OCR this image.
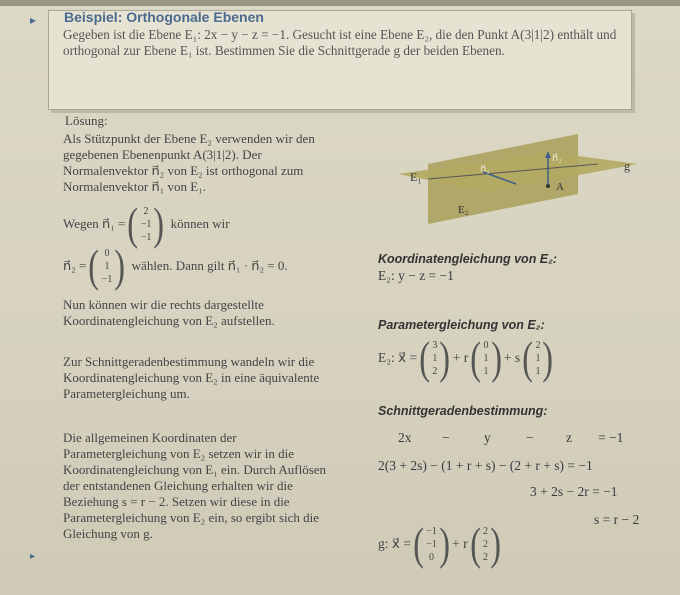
▸ Beispiel: Orthogonale Ebenen
Gegeben ist die Ebene E₁: 2x − y − z = −1. Gesucht ist eine Ebene E₂, die den Punkt A(3|1|2) enthält und orthogonal zur Ebene E₁ ist. Bestimmen Sie die Schnittgerade g der beiden Ebenen.
Lösung:
Als Stützpunkt der Ebene E₂ verwenden wir den gegebenen Ebenenpunkt A(3|1|2). Der Normalenvektor n⃗₂ von E₂ ist orthogonal zum Normalenvektor n⃗₁ von E₁.
Wegen n⃗₁ = ( 2
−1
−1 ) können wir
n⃗₂ = ( 0
1
−1 ) wählen. Dann gilt n⃗₁ · n⃗₂ = 0.
Nun können wir die rechts dargestellte Koordinatengleichung von E₂ aufstellen.
Zur Schnittgeradenbestimmung wandeln wir die Koordinatengleichung von E₂ in eine äquivalente Parametergleichung um.
Die allgemeinen Koordinaten der Parametergleichung von E₂ setzen wir in die Koordinatengleichung von E₁ ein. Durch Auflösen der entstandenen Gleichung erhalten wir die Beziehung s = r − 2. Setzen wir diese in die Parametergleichung von E₂ ein, so ergibt sich die Gleichung von g.
▸
E₁
E₂
n⃗₁
n⃗₂
g
A
Koordinatengleichung von E₂:
E₂: y − z = −1
Parametergleichung von E₂:
E₂: x⃗ = ( 3
1
2 ) + r ( 0
1
1 ) + s ( 2
1
1 )
Schnittgeradenbestimmung:
2x −	y	− z = −1
2(3 + 2s) − (1 + r + s) − (2 + r + s) = −1
3 + 2s − 2r = −1
s = r − 2
g: x⃗ = ( −1
−1
0 ) + r ( 2
2
2 )
